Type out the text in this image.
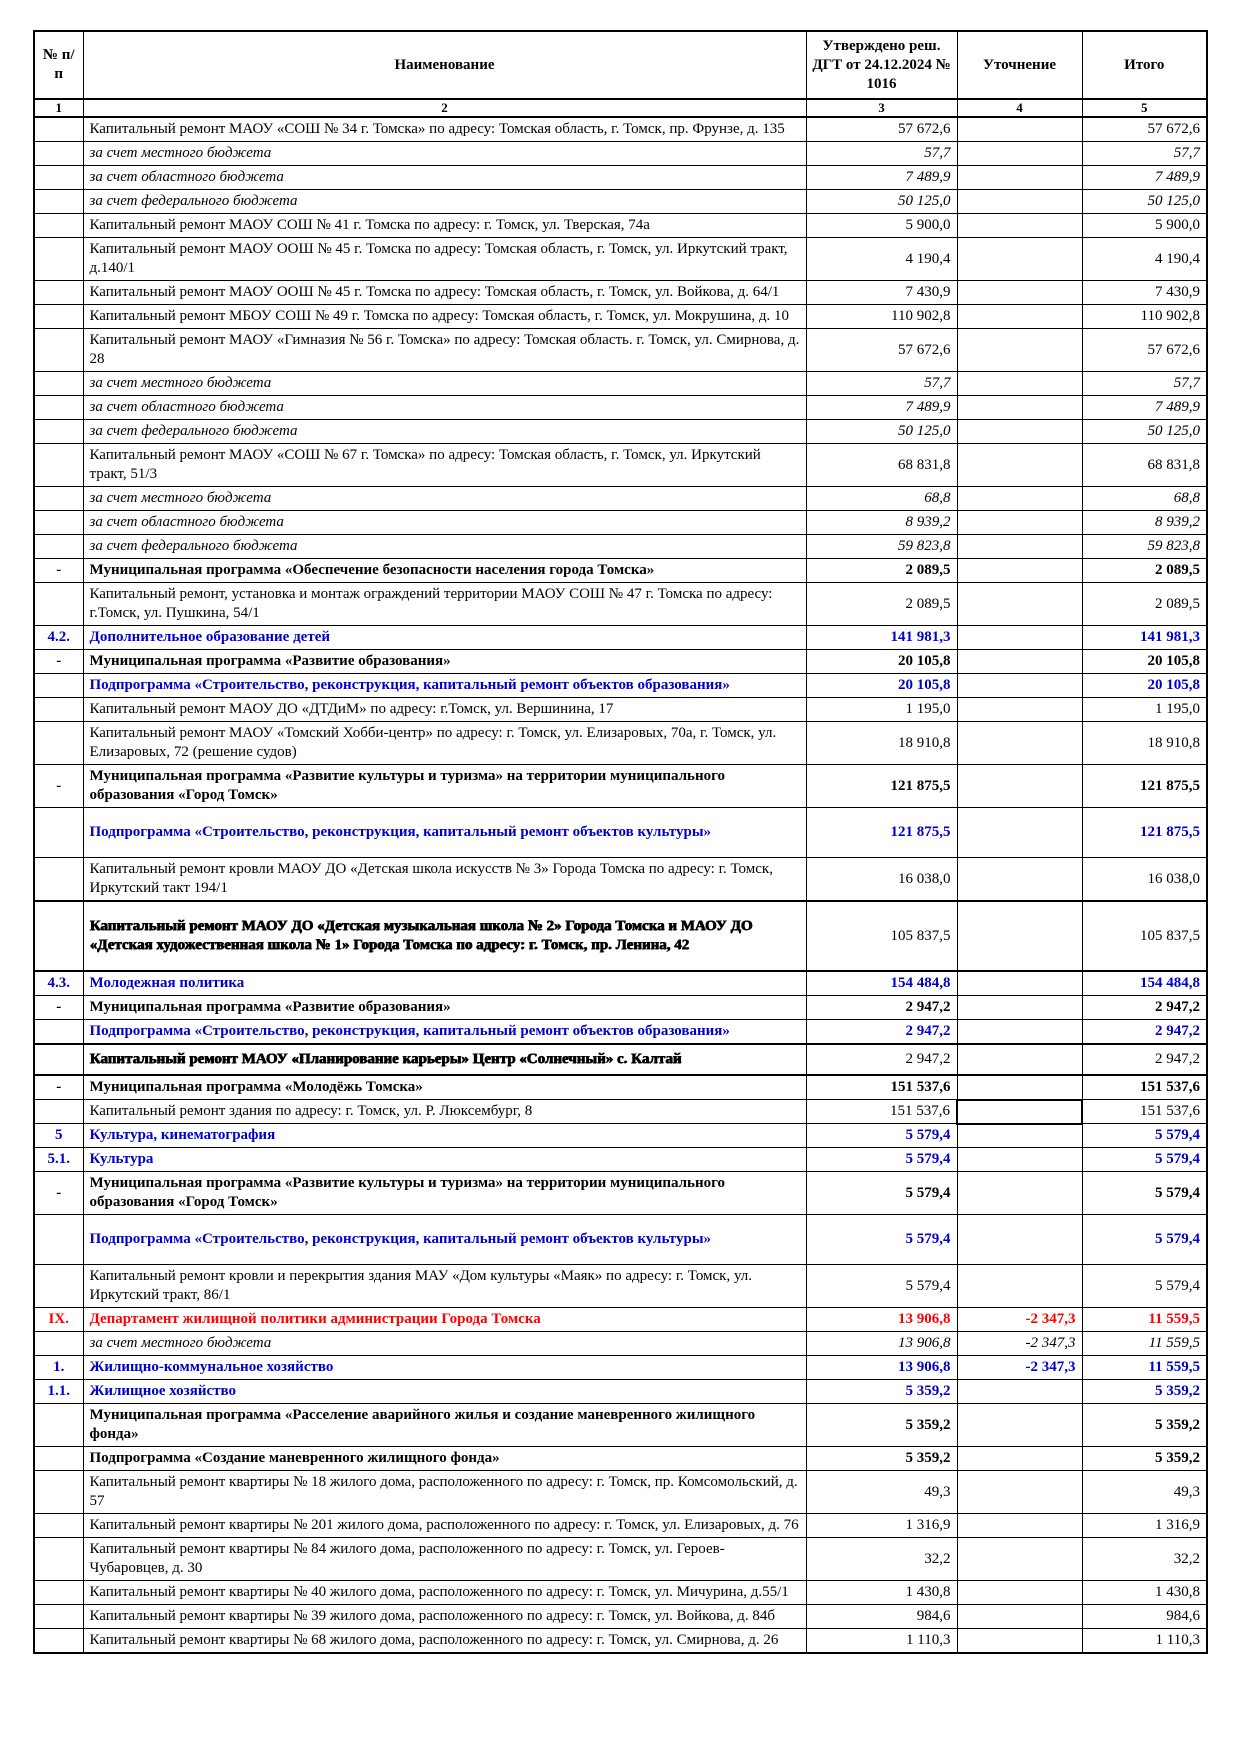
№ п/п	Наименование	Утверждено реш. ДГТ от 24.12.2024 № 1016	Уточнение	Итого
1	2	3	4	5
	Капитальный ремонт МАОУ «СОШ № 34 г. Томска» по адресу: Томская область, г. Томск, пр. Фрунзе, д. 135	57 672,6		57 672,6
	за счет местного бюджета	57,7		57,7
	за счет областного бюджета	7 489,9		7 489,9
	за счет федерального бюджета	50 125,0		50 125,0
	Капитальный ремонт МАОУ СОШ № 41 г. Томска по адресу: г. Томск, ул. Тверская, 74а	5 900,0		5 900,0
	Капитальный ремонт МАОУ ООШ № 45 г. Томска по адресу: Томская область, г. Томск, ул. Иркутский тракт, д.140/1	4 190,4		4 190,4
	Капитальный ремонт МАОУ ООШ № 45 г. Томска по адресу: Томская область, г. Томск, ул. Войкова, д. 64/1	7 430,9		7 430,9
	Капитальный ремонт МБОУ СОШ № 49 г. Томска по адресу: Томская область, г. Томск, ул. Мокрушина, д. 10	110 902,8		110 902,8
	Капитальный ремонт МАОУ «Гимназия № 56 г. Томска» по адресу: Томская область. г. Томск, ул. Смирнова, д. 28	57 672,6		57 672,6
	за счет местного бюджета	57,7		57,7
	за счет областного бюджета	7 489,9		7 489,9
	за счет федерального бюджета	50 125,0		50 125,0
	Капитальный ремонт МАОУ «СОШ № 67 г. Томска» по адресу: Томская область, г. Томск, ул. Иркутский тракт, 51/3	68 831,8		68 831,8
	за счет местного бюджета	68,8		68,8
	за счет областного бюджета	8 939,2		8 939,2
	за счет федерального бюджета	59 823,8		59 823,8
-	Муниципальная программа «Обеспечение безопасности населения города Томска»	2 089,5		2 089,5
	Капитальный ремонт, установка и монтаж ограждений территории МАОУ СОШ № 47 г. Томска по адресу: г.Томск, ул. Пушкина, 54/1	2 089,5		2 089,5
4.2.	Дополнительное образование детей	141 981,3		141 981,3
-	Муниципальная программа «Развитие образования»	20 105,8		20 105,8
	Подпрограмма «Строительство, реконструкция, капитальный ремонт объектов образования»	20 105,8		20 105,8
	Капитальный ремонт МАОУ ДО «ДТДиМ» по адресу: г.Томск, ул. Вершинина, 17	1 195,0		1 195,0
	Капитальный ремонт МАОУ «Томский Хобби-центр» по адресу: г. Томск, ул. Елизаровых, 70а, г. Томск, ул. Елизаровых, 72 (решение судов)	18 910,8		18 910,8
-	Муниципальная программа «Развитие культуры и туризма» на территории муниципального образования «Город Томск»	121 875,5		121 875,5
	Подпрограмма «Строительство, реконструкция, капитальный ремонт объектов культуры»	121 875,5		121 875,5
	Капитальный ремонт кровли МАОУ ДО «Детская школа искусств № 3» Города Томска по адресу: г. Томск, Иркутский такт 194/1	16 038,0		16 038,0
	Капитальный ремонт МАОУ ДО «Детская музыкальная школа № 2» Города Томска и МАОУ ДО «Детская художественная школа № 1» Города Томска по адресу: г. Томск, пр. Ленина, 42	105 837,5		105 837,5
4.3.	Молодежная политика	154 484,8		154 484,8
-	Муниципальная программа «Развитие образования»	2 947,2		2 947,2
	Подпрограмма «Строительство, реконструкция, капитальный ремонт объектов образования»	2 947,2		2 947,2
	Капитальный ремонт МАОУ «Планирование карьеры» Центр «Солнечный» с. Калтай	2 947,2		2 947,2
-	Муниципальная программа «Молодёжь Томска»	151 537,6		151 537,6
	Капитальный ремонт здания по адресу: г. Томск, ул. Р. Люксембург, 8	151 537,6		151 537,6
5	Культура, кинематография	5 579,4		5 579,4
5.1.	Культура	5 579,4		5 579,4
-	Муниципальная программа «Развитие культуры и туризма» на территории муниципального образования «Город Томск»	5 579,4		5 579,4
	Подпрограмма «Строительство, реконструкция, капитальный ремонт объектов культуры»	5 579,4		5 579,4
	Капитальный ремонт кровли и перекрытия здания МАУ «Дом культуры «Маяк» по адресу: г. Томск, ул. Иркутский тракт, 86/1	5 579,4		5 579,4
IX.	Департамент жилищной политики администрации Города Томска	13 906,8	-2 347,3	11 559,5
	за счет местного бюджета	13 906,8	-2 347,3	11 559,5
1.	Жилищно-коммунальное хозяйство	13 906,8	-2 347,3	11 559,5
1.1.	Жилищное хозяйство	5 359,2		5 359,2
	Муниципальная программа «Расселение аварийного жилья и создание маневренного жилищного фонда»	5 359,2		5 359,2
	Подпрограмма «Создание маневренного жилищного фонда»	5 359,2		5 359,2
	Капитальный ремонт квартиры № 18 жилого дома, расположенного по адресу: г. Томск, пр. Комсомольский, д. 57	49,3		49,3
	Капитальный ремонт квартиры № 201 жилого дома, расположенного по адресу: г. Томск, ул. Елизаровых, д. 76	1 316,9		1 316,9
	Капитальный ремонт квартиры № 84 жилого дома, расположенного по адресу: г. Томск, ул. Героев-Чубаровцев, д. 30	32,2		32,2
	Капитальный ремонт квартиры № 40 жилого дома, расположенного по адресу: г. Томск, ул. Мичурина, д.55/1	1 430,8		1 430,8
	Капитальный ремонт квартиры № 39 жилого дома, расположенного по адресу: г. Томск, ул. Войкова, д. 84б	984,6		984,6
	Капитальный ремонт квартиры № 68 жилого дома, расположенного по адресу: г. Томск, ул. Смирнова, д. 26	1 110,3		1 110,3
